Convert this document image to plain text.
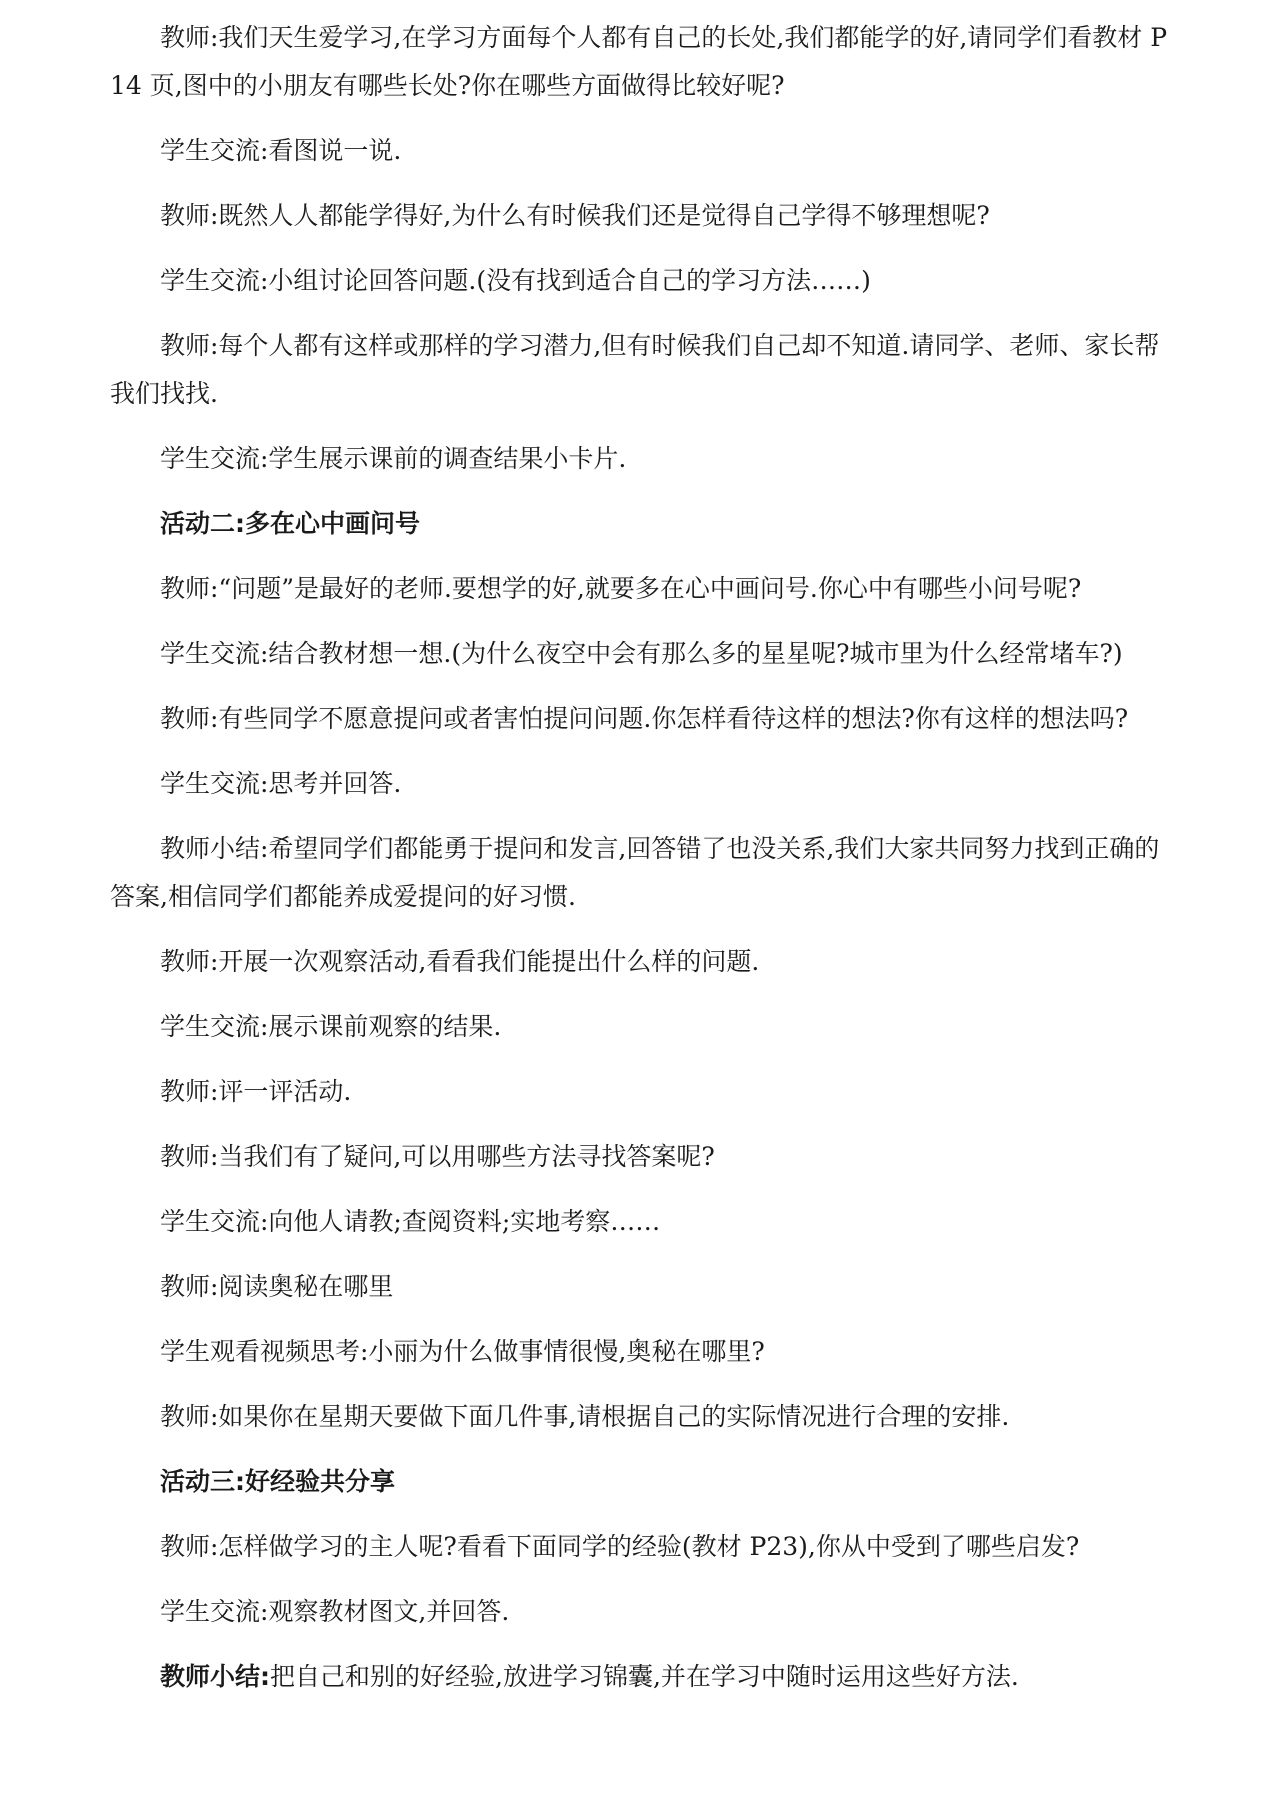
教师:我们天生爱学习,在学习方面每个人都有自己的长处,我们都能学的好,请同学们看教材 P14 页,图中的小朋友有哪些长处?你在哪些方面做得比较好呢?

学生交流:看图说一说.

教师:既然人人都能学得好,为什么有时候我们还是觉得自己学得不够理想呢?

学生交流:小组讨论回答问题.(没有找到适合自己的学习方法……)

教师:每个人都有这样或那样的学习潜力,但有时候我们自己却不知道.请同学、老师、家长帮我们找找.

学生交流:学生展示课前的调查结果小卡片.

活动二:多在心中画问号

教师:“问题”是最好的老师.要想学的好,就要多在心中画问号.你心中有哪些小问号呢?

学生交流:结合教材想一想.(为什么夜空中会有那么多的星星呢?城市里为什么经常堵车?)

教师:有些同学不愿意提问或者害怕提问问题.你怎样看待这样的想法?你有这样的想法吗?

学生交流:思考并回答.

教师小结:希望同学们都能勇于提问和发言,回答错了也没关系,我们大家共同努力找到正确的答案,相信同学们都能养成爱提问的好习惯.

教师:开展一次观察活动,看看我们能提出什么样的问题.

学生交流:展示课前观察的结果.

教师:评一评活动.

教师:当我们有了疑问,可以用哪些方法寻找答案呢?

学生交流:向他人请教;查阅资料;实地考察……

教师:阅读奥秘在哪里

学生观看视频思考:小丽为什么做事情很慢,奥秘在哪里?

教师:如果你在星期天要做下面几件事,请根据自己的实际情况进行合理的安排.

活动三:好经验共分享

教师:怎样做学习的主人呢?看看下面同学的经验(教材 P23),你从中受到了哪些启发?

学生交流:观察教材图文,并回答.

教师小结:把自己和别的好经验,放进学习锦囊,并在学习中随时运用这些好方法.
